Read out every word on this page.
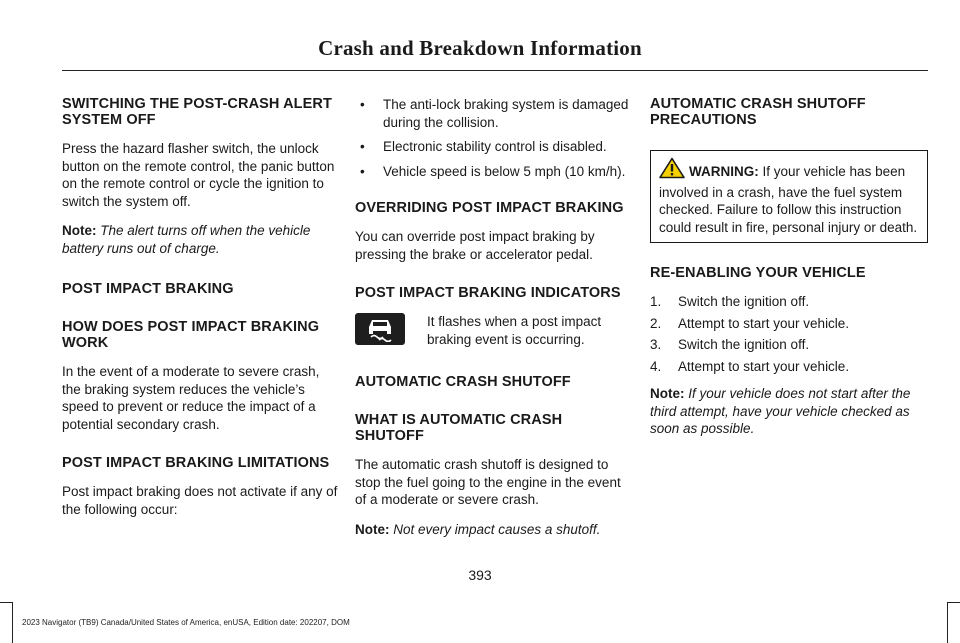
Crash and Breakdown Information
SWITCHING THE POST-CRASH ALERT SYSTEM OFF

Press the hazard flasher switch, the unlock button on the remote control, the panic button on the remote control or cycle the ignition to switch the system off.

Note: The alert turns off when the vehicle battery runs out of charge.

POST IMPACT BRAKING
HOW DOES POST IMPACT BRAKING WORK

In the event of a moderate to severe crash, the braking system reduces the vehicle’s speed to prevent or reduce the impact of a potential secondary crash.

POST IMPACT BRAKING LIMITATIONS

Post impact braking does not activate if any of the following occur:

• The anti-lock braking system is damaged during the collision.
• Electronic stability control is disabled.
• Vehicle speed is below 5 mph (10 km/h).
OVERRIDING POST IMPACT BRAKING

You can override post impact braking by pressing the brake or accelerator pedal.

POST IMPACT BRAKING INDICATORS
It flashes when a post impact braking event is occurring.
AUTOMATIC CRASH SHUTOFF
WHAT IS AUTOMATIC CRASH SHUTOFF

The automatic crash shutoff is designed to stop the fuel going to the engine in the event of a moderate or severe crash.

Note: Not every impact causes a shutoff.

AUTOMATIC CRASH SHUTOFF PRECAUTIONS
WARNING: If your vehicle has been involved in a crash, have the fuel system checked. Failure to follow this instruction could result in fire, personal injury or death.
RE-ENABLING YOUR VEHICLE
1.	Switch the ignition off.
2.	Attempt to start your vehicle.
3.	Switch the ignition off.
4.	Attempt to start your vehicle.

Note: If your vehicle does not start after the third attempt, have your vehicle checked as soon as possible.

393
2023 Navigator (TB9) Canada/United States of America, enUSA, Edition date: 202207, DOM
